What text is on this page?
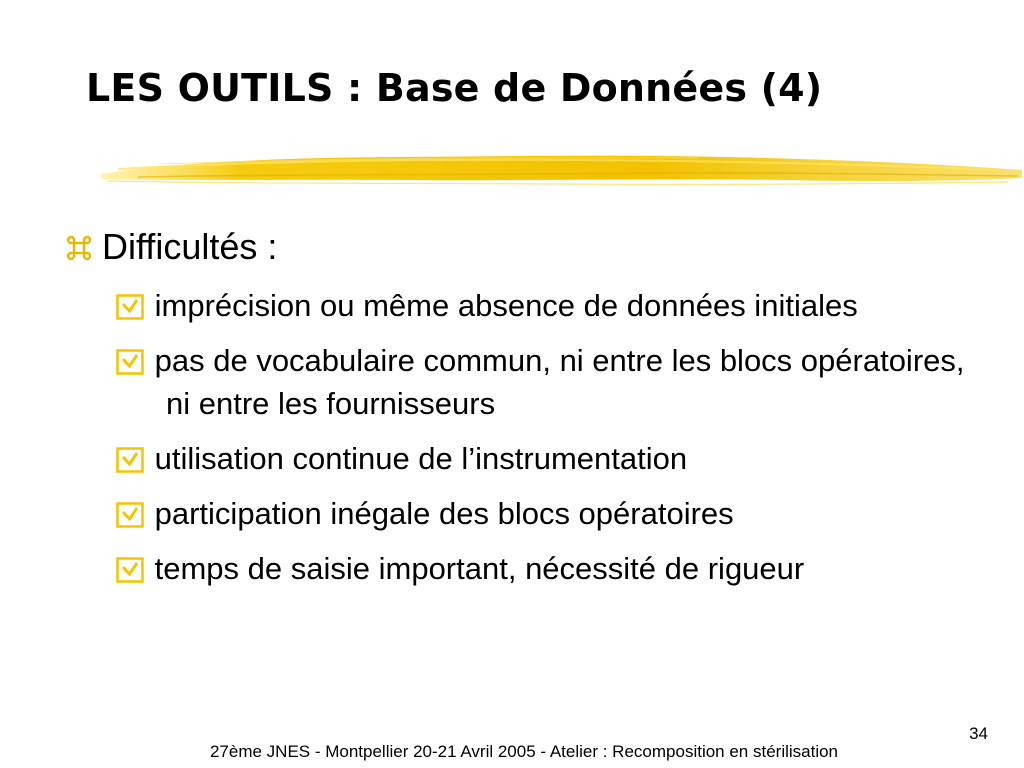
LES OUTILS : Base de Données (4)
Difficultés :
imprécision ou même absence de données initiales
pas de vocabulaire commun, ni entre les blocs opératoires, ni entre les fournisseurs
utilisation continue de l’instrumentation
participation inégale des blocs opératoires
temps de saisie important, nécessité de rigueur
34
27ème JNES - Montpellier 20-21 Avril 2005 - Atelier : Recomposition en stérilisation
